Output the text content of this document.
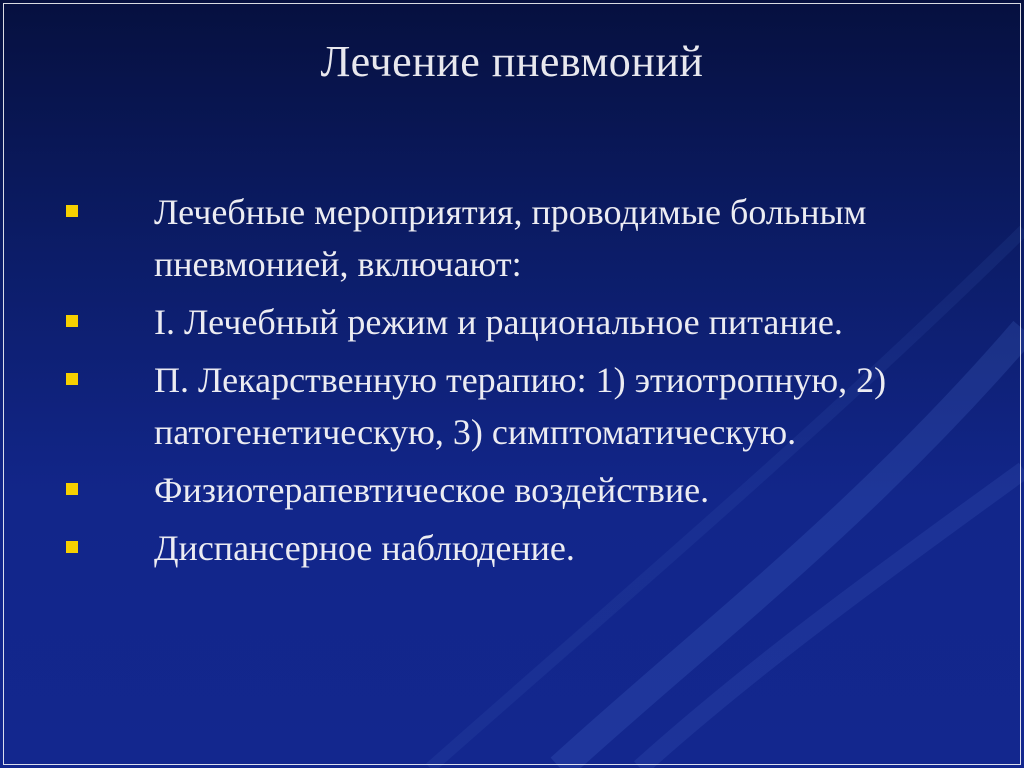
Лечение пневмоний
Лечебные мероприятия, проводимые больным пневмонией, включают:
I. Лечебный режим и рациональное питание.
П. Лекарственную терапию: 1) этиотропную, 2) патогенетическую, 3) симптоматическую.
Физиотерапевтическое воздействие.
Диспансерное наблюдение.
